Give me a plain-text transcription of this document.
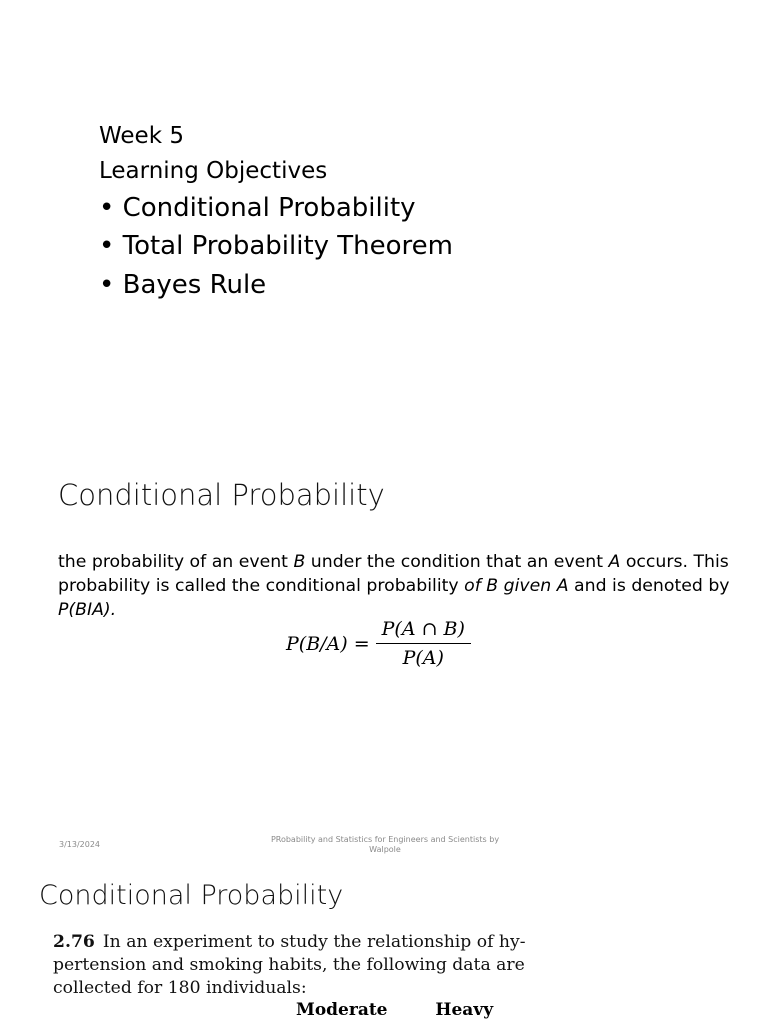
Week 5
Learning Objectives
• Conditional Probability
• Total Probability Theorem
• Bayes Rule
Conditional Probability
the probability of an event B under the condition that an event A occurs. This probability is called the conditional probability of B given A and is denoted by P(BIA).
$P(B/A) = \frac{P(A \cap B)}{P(A)}$
3/13/2024
PRobability and Statistics for Engineers and Scientists by Walpole
Conditional Probability
2.76 In an experiment to study the relationship of hy-pertension and smoking habits, the following data are collected for 180 individuals:
Moderate	Heavy
